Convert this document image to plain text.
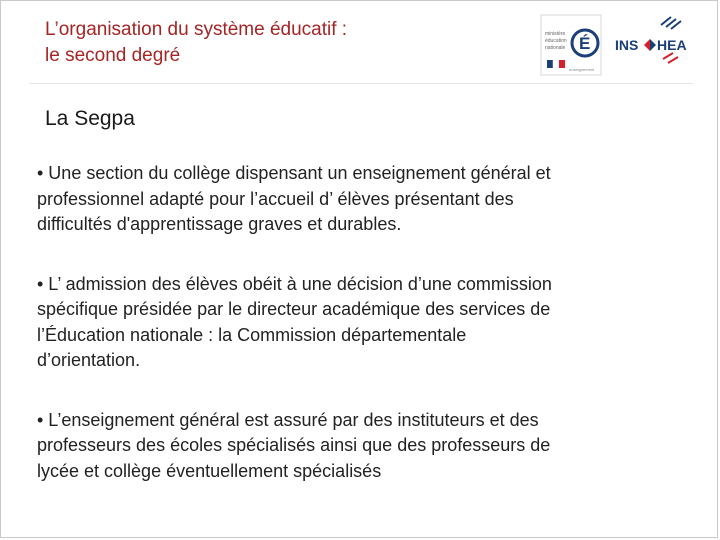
L’organisation du système éducatif :
le second degré
ministère
éducation
nationale É
enseignement
INS HEA
La Segpa
• Une section du collège dispensant un enseignement général et
professionnel adapté pour l’accueil d’ élèves présentant des
difficultés d'apprentissage graves et durables.
• L’ admission des élèves obéit à une décision d’une commission
spécifique présidée par le directeur académique des services de
l’Éducation nationale : la Commission départementale
d’orientation.
• L’enseignement général est assuré par des instituteurs et des
professeurs des écoles spécialisés ainsi que des professeurs de
lycée et collège éventuellement spécialisés
